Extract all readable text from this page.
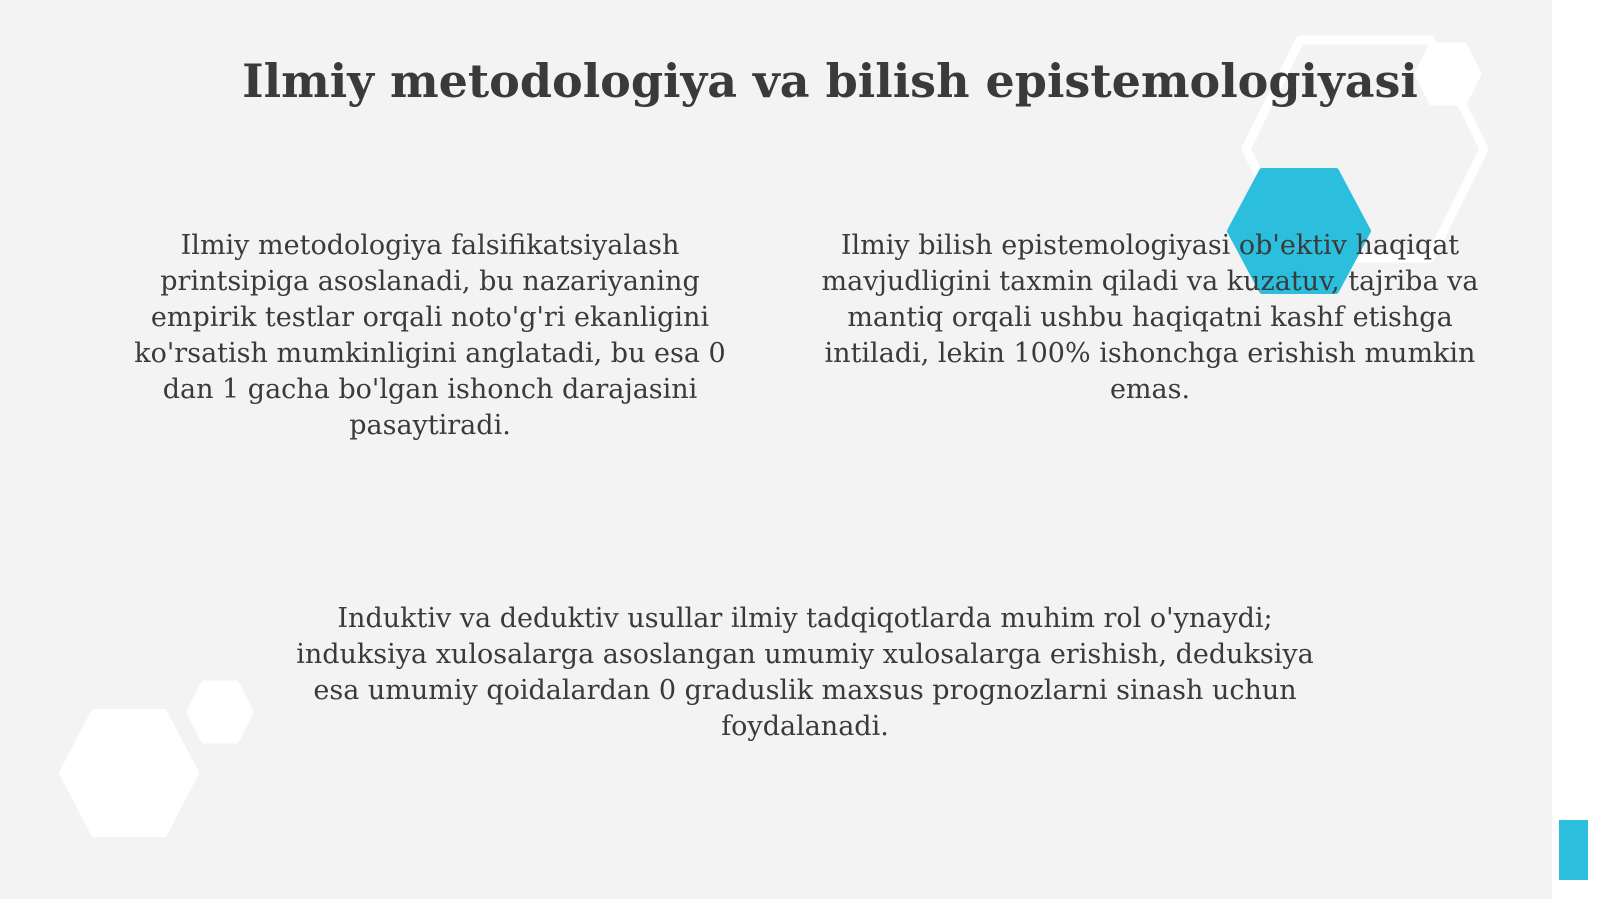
Ilmiy metodologiya va bilish epistemologiyasi

Ilmiy metodologiya falsifikatsiyalash printsipiga asoslanadi, bu nazariyaning empirik testlar orqali noto'g'ri ekanligini ko'rsatish mumkinligini anglatadi, bu esa 0 dan 1 gacha bo'lgan ishonch darajasini pasaytiradi.

Ilmiy bilish epistemologiyasi ob'ektiv haqiqat mavjudligini taxmin qiladi va kuzatuv, tajriba va mantiq orqali ushbu haqiqatni kashf etishga intiladi, lekin 100% ishonchga erishish mumkin emas.

Induktiv va deduktiv usullar ilmiy tadqiqotlarda muhim rol o'ynaydi; induksiya xulosalarga asoslangan umumiy xulosalarga erishish, deduksiya esa umumiy qoidalardan 0 graduslik maxsus prognozlarni sinash uchun foydalanadi.
